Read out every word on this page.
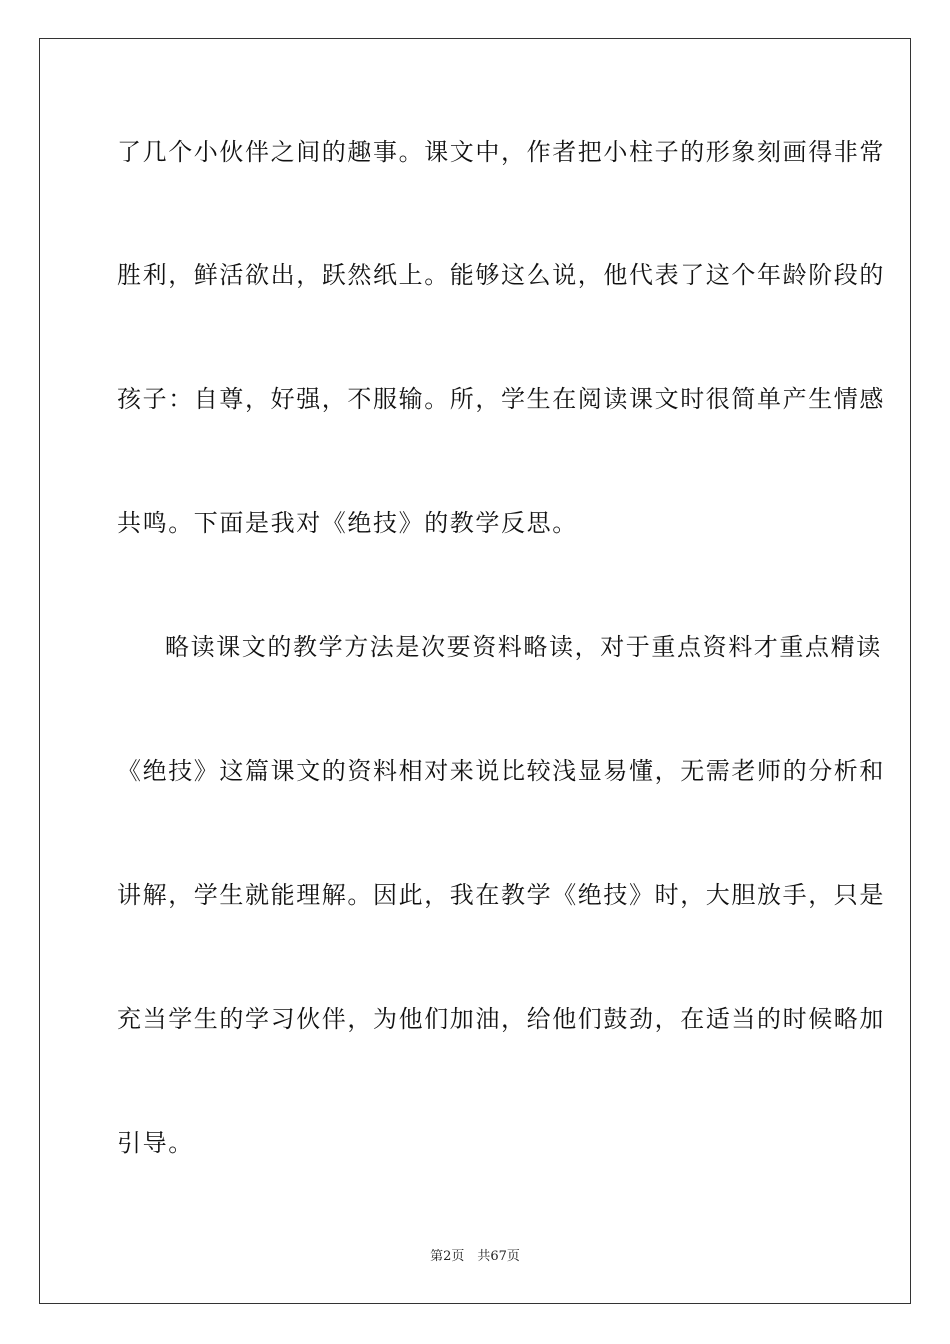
了几个小伙伴之间的趣事。课文中，作者把小柱子的形象刻画得非常
胜利，鲜活欲出，跃然纸上。能够这么说，他代表了这个年龄阶段的
孩子：自尊，好强，不服输。所，学生在阅读课文时很简单产生情感
共鸣。下面是我对《绝技》的教学反思。
略读课文的教学方法是次要资料略读，对于重点资料才重点精读
《绝技》这篇课文的资料相对来说比较浅显易懂，无需老师的分析和
讲解，学生就能理解。因此，我在教学《绝技》时，大胆放手，只是
充当学生的学习伙伴，为他们加油，给他们鼓劲，在适当的时候略加
引导。
第2页　共67页
